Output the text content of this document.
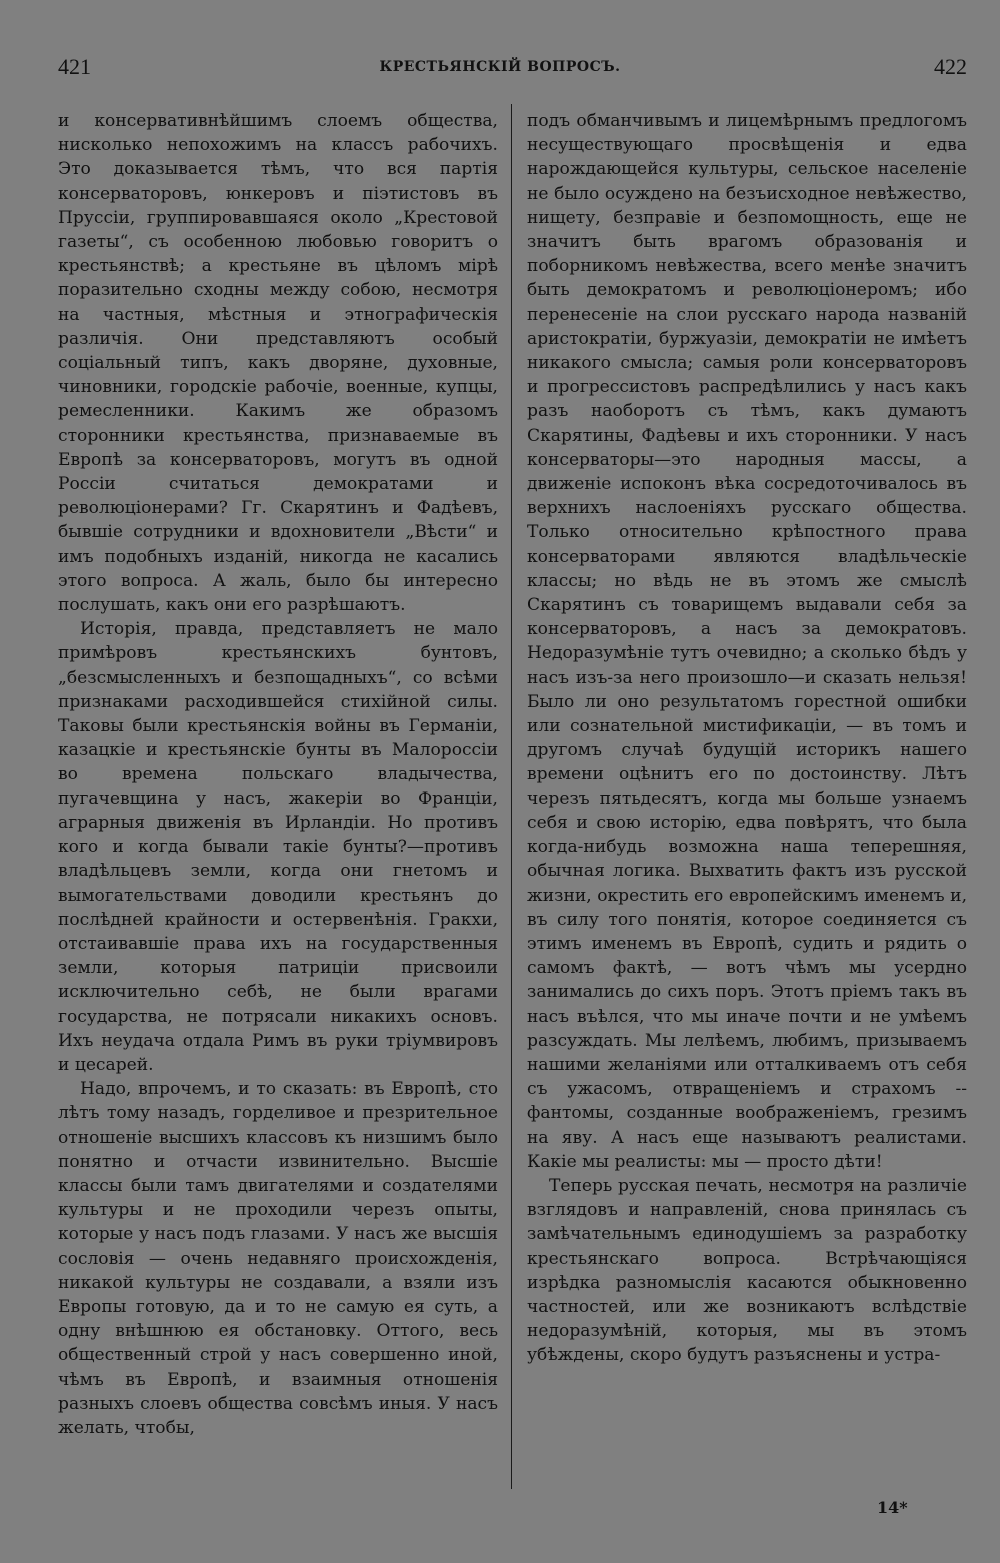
421	КРЕСТЬЯНСКIЙ ВОПРОСЪ.	422

и консервативнѣйшимъ слоемъ общества, нисколько непохожимъ на классъ рабочихъ. Это доказывается тѣмъ, что вся партія консерваторовъ, юнкеровъ и піэтистовъ въ Пруссіи, группировавшаяся около „Крестовой газеты“, съ особенною любовью говоритъ о крестьянствѣ; а крестьяне въ цѣломъ мірѣ поразительно сходны между собою, несмотря на частныя, мѣстныя и этнографическія различія. Они представляютъ особый соціальный типъ, какъ дворяне, духовные, чиновники, городскіе рабочіе, военные, купцы, ремесленники. Какимъ же образомъ сторонники крестьянства, признаваемые въ Европѣ за консерваторовъ, могутъ въ одной Россіи считаться демократами и революціонерами? Гг. Скарятинъ и Фадѣевъ, бывшіе сотрудники и вдохновители „Вѣсти“ и имъ подобныхъ изданій, никогда не касались этого вопроса. А жаль, было бы интересно послушать, какъ они его разрѣшаютъ.

Исторія, правда, представляетъ не мало примѣровъ крестьянскихъ бунтовъ, „безсмысленныхъ и безпощадныхъ“, со всѣми признаками расходившейся стихійной силы. Таковы были крестьянскія войны въ Германіи, казацкіе и крестьянскіе бунты въ Малороссіи во времена польскаго владычества, пугачевщина у насъ, жакеріи во Франціи, аграрныя движенія въ Ирландіи. Но противъ кого и когда бывали такіе бунты?—противъ владѣльцевъ земли, когда они гнетомъ и вымогательствами доводили крестьянъ до послѣдней крайности и остервенѣнія. Гракхи, отстаивавшіе права ихъ на государственныя земли, которыя патриціи присвоили исключительно себѣ, не были врагами государства, не потрясали никакихъ основъ. Ихъ неудача отдала Римъ въ руки тріумвировъ и цесарей.

Надо, впрочемъ, и то сказать: въ Европѣ, сто лѣтъ тому назадъ, горделивое и презрительное отношеніе высшихъ классовъ къ низшимъ было понятно и отчасти извинительно. Высшіе классы были тамъ двигателями и создателями культуры и не проходили черезъ опыты, которые у насъ подъ глазами. У насъ же высшія сословія — очень недавняго происхожденія, никакой культуры не создавали, а взяли изъ Европы готовую, да и то не самую ея суть, а одну внѣшнюю ея обстановку. Оттого, весь общественный строй у насъ совершенно иной, чѣмъ въ Европѣ, и взаимныя отношенія разныхъ слоевъ общества совсѣмъ иныя. У насъ желать, чтобы,

подъ обманчивымъ и лицемѣрнымъ предлогомъ несуществующаго просвѣщенія и едва нарождающейся культуры, сельское населеніе не было осуждено на безъисходное невѣжество, нищету, безправіе и безпомощность, еще не значитъ быть врагомъ образованія и поборникомъ невѣжества, всего менѣе значитъ быть демократомъ и революціонеромъ; ибо перенесеніе на слои русскаго народа названій аристократіи, буржуазіи, демократіи не имѣетъ никакого смысла; самыя роли консерваторовъ и прогрессистовъ распредѣлились у насъ какъ разъ наоборотъ съ тѣмъ, какъ думаютъ Скарятины, Фадѣевы и ихъ сторонники. У насъ консерваторы—это народныя массы, а движеніе испоконъ вѣка сосредоточивалось въ верхнихъ наслоеніяхъ русскаго общества. Только относительно крѣпостного права консерваторами являются владѣльческіе классы; но вѣдь не въ этомъ же смыслѣ Скарятинъ съ товарищемъ выдавали себя за консерваторовъ, а насъ за демократовъ. Недоразумѣніе тутъ очевидно; а сколько бѣдъ у насъ изъ-за него произошло—и сказать нельзя! Было ли оно результатомъ горестной ошибки или сознательной мистификаціи, — въ томъ и другомъ случаѣ будущій историкъ нашего времени оцѣнитъ его по достоинству. Лѣтъ черезъ пятьдесятъ, когда мы больше узнаемъ себя и свою исторію, едва повѣрятъ, что была когда-нибудь возможна наша теперешняя, обычная логика. Выхватить фактъ изъ русской жизни, окрестить его европейскимъ именемъ и, въ силу того понятія, которое соединяется съ этимъ именемъ въ Европѣ, судить и рядить о самомъ фактѣ, — вотъ чѣмъ мы усердно занимались до сихъ поръ. Этотъ пріемъ такъ въ насъ въѣлся, что мы иначе почти и не умѣемъ разсуждать. Мы лелѣемъ, любимъ, призываемъ нашими желаніями или отталкиваемъ отъ себя съ ужасомъ, отвращеніемъ и страхомъ -- фантомы, созданные воображеніемъ, грезимъ на яву. А насъ еще называютъ реалистами. Какіе мы реалисты: мы — просто дѣти!

Теперь русская печать, несмотря на различіе взглядовъ и направленій, снова принялась съ замѣчательнымъ единодушіемъ за разработку крестьянскаго вопроса. Встрѣчающіяся изрѣдка разномыслія касаются обыкновенно частностей, или же возникаютъ вслѣдствіе недоразумѣній, которыя, мы въ этомъ убѣждены, скоро будутъ разъяснены и устра-

14*
